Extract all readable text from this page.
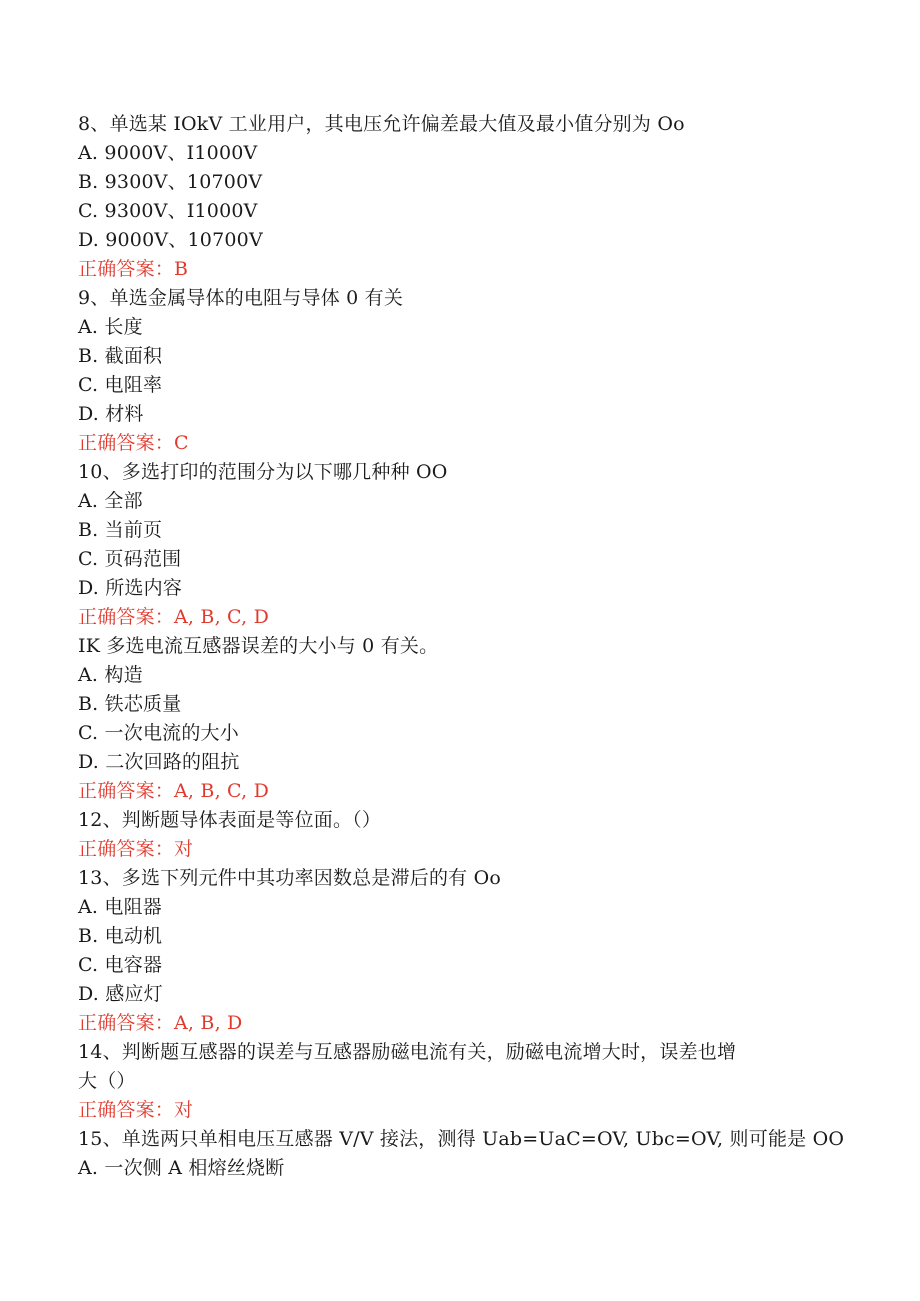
8、单选某 IOkV 工业用户，其电压允许偏差最大值及最小值分别为 Oo
A. 9000V、I1000V
B. 9300V、10700V
C. 9300V、I1000V
D. 9000V、10700V
正确答案：B
9、单选金属导体的电阻与导体 0 有关
A. 长度
B. 截面积
C. 电阻率
D. 材料
正确答案：C
10、多选打印的范围分为以下哪几种种 OO
A. 全部
B. 当前页
C. 页码范围
D. 所选内容
正确答案：A, B, C, D
IK 多选电流互感器误差的大小与 0 有关。
A. 构造
B. 铁芯质量
C. 一次电流的大小
D. 二次回路的阻抗
正确答案：A, B, C, D
12、判断题导体表面是等位面。（）
正确答案：对
13、多选下列元件中其功率因数总是滞后的有 Oo
A. 电阻器
B. 电动机
C. 电容器
D. 感应灯
正确答案：A, B, D
14、判断题互感器的误差与互感器励磁电流有关，励磁电流增大时，误差也增
大（）
正确答案：对
15、单选两只单相电压互感器 V/V 接法，测得 Uab=UaC=OV, Ubc=OV, 则可能是 OO
A. 一次侧 A 相熔丝烧断
